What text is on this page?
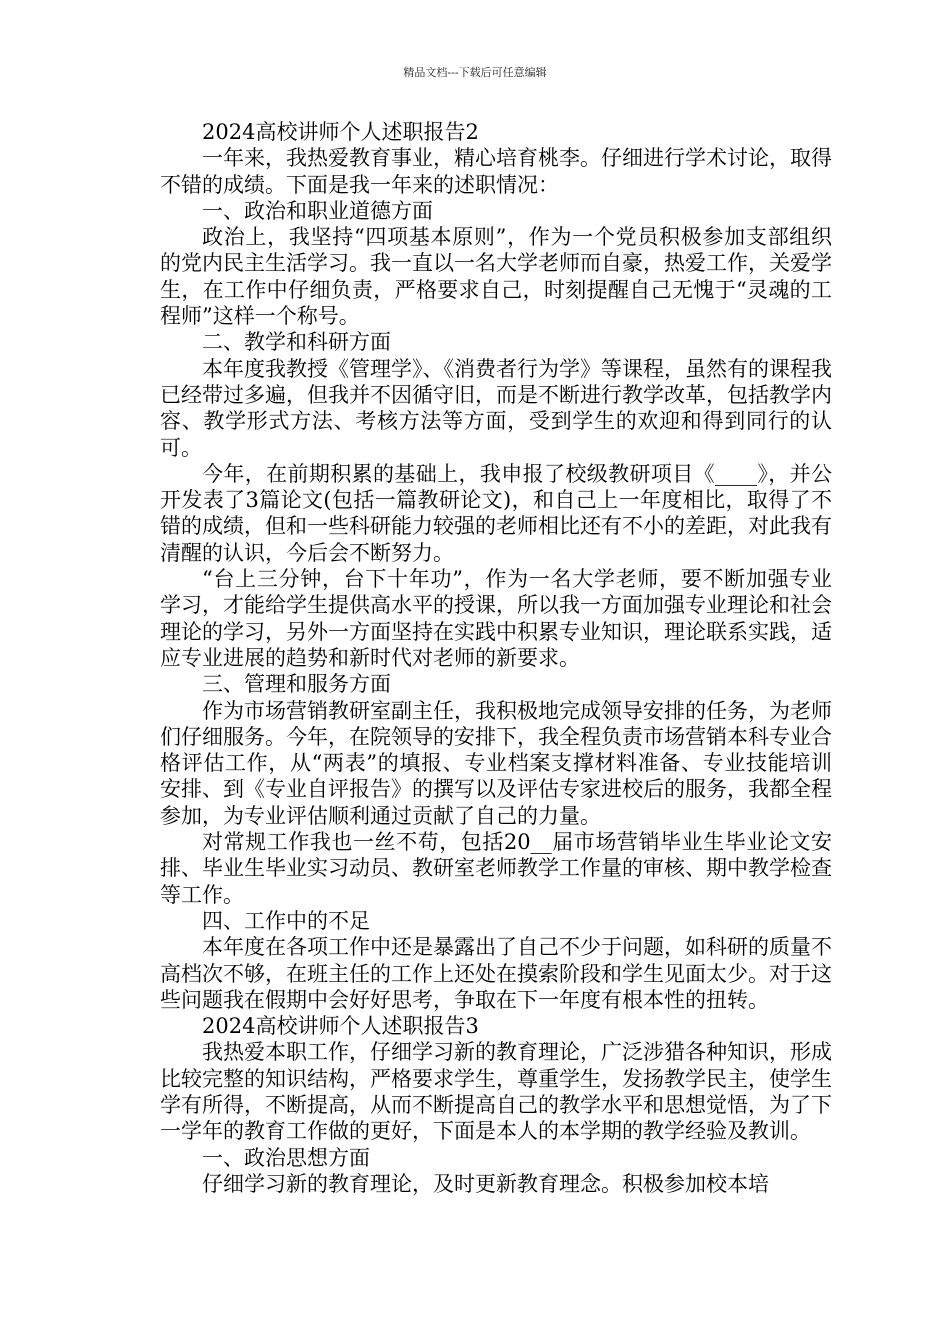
精品文档---下载后可任意编辑

2024高校讲师个人述职报告2

一年来，我热爱教育事业，精心培育桃李。仔细进行学术讨论，取得不错的成绩。下面是我一年来的述职情况：

一、政治和职业道德方面

政治上，我坚持“四项基本原则”，作为一个党员积极参加支部组织的党内民主生活学习。我一直以一名大学老师而自豪，热爱工作，关爱学生，在工作中仔细负责，严格要求自己，时刻提醒自己无愧于“灵魂的工程师”这样一个称号。

二、教学和科研方面

本年度我教授《管理学》、《消费者行为学》等课程，虽然有的课程我已经带过多遍，但我并不因循守旧，而是不断进行教学改革，包括教学内容、教学形式方法、考核方法等方面，受到学生的欢迎和得到同行的认可。

今年，在前期积累的基础上，我申报了校级教研项目《____》，并公开发表了3篇论文(包括一篇教研论文)，和自己上一年度相比，取得了不错的成绩，但和一些科研能力较强的老师相比还有不小的差距，对此我有清醒的认识，今后会不断努力。

“台上三分钟，台下十年功”，作为一名大学老师，要不断加强专业学习，才能给学生提供高水平的授课，所以我一方面加强专业理论和社会理论的学习，另外一方面坚持在实践中积累专业知识，理论联系实践，适应专业进展的趋势和新时代对老师的新要求。

三、管理和服务方面

作为市场营销教研室副主任，我积极地完成领导安排的任务，为老师们仔细服务。今年，在院领导的安排下，我全程负责市场营销本科专业合格评估工作，从“两表”的填报、专业档案支撑材料准备、专业技能培训安排、到《专业自评报告》的撰写以及评估专家进校后的服务，我都全程参加，为专业评估顺利通过贡献了自己的力量。

对常规工作我也一丝不苟，包括20__届市场营销毕业生毕业论文安排、毕业生毕业实习动员、教研室老师教学工作量的审核、期中教学检查等工作。

四、工作中的不足

本年度在各项工作中还是暴露出了自己不少于问题，如科研的质量不高档次不够，在班主任的工作上还处在摸索阶段和学生见面太少。对于这些问题我在假期中会好好思考，争取在下一年度有根本性的扭转。

2024高校讲师个人述职报告3

我热爱本职工作，仔细学习新的教育理论，广泛涉猎各种知识，形成比较完整的知识结构，严格要求学生，尊重学生，发扬教学民主，使学生学有所得，不断提高，从而不断提高自己的教学水平和思想觉悟，为了下一学年的教育工作做的更好，下面是本人的本学期的教学经验及教训。

一、政治思想方面

仔细学习新的教育理论，及时更新教育理念。积极参加校本培
